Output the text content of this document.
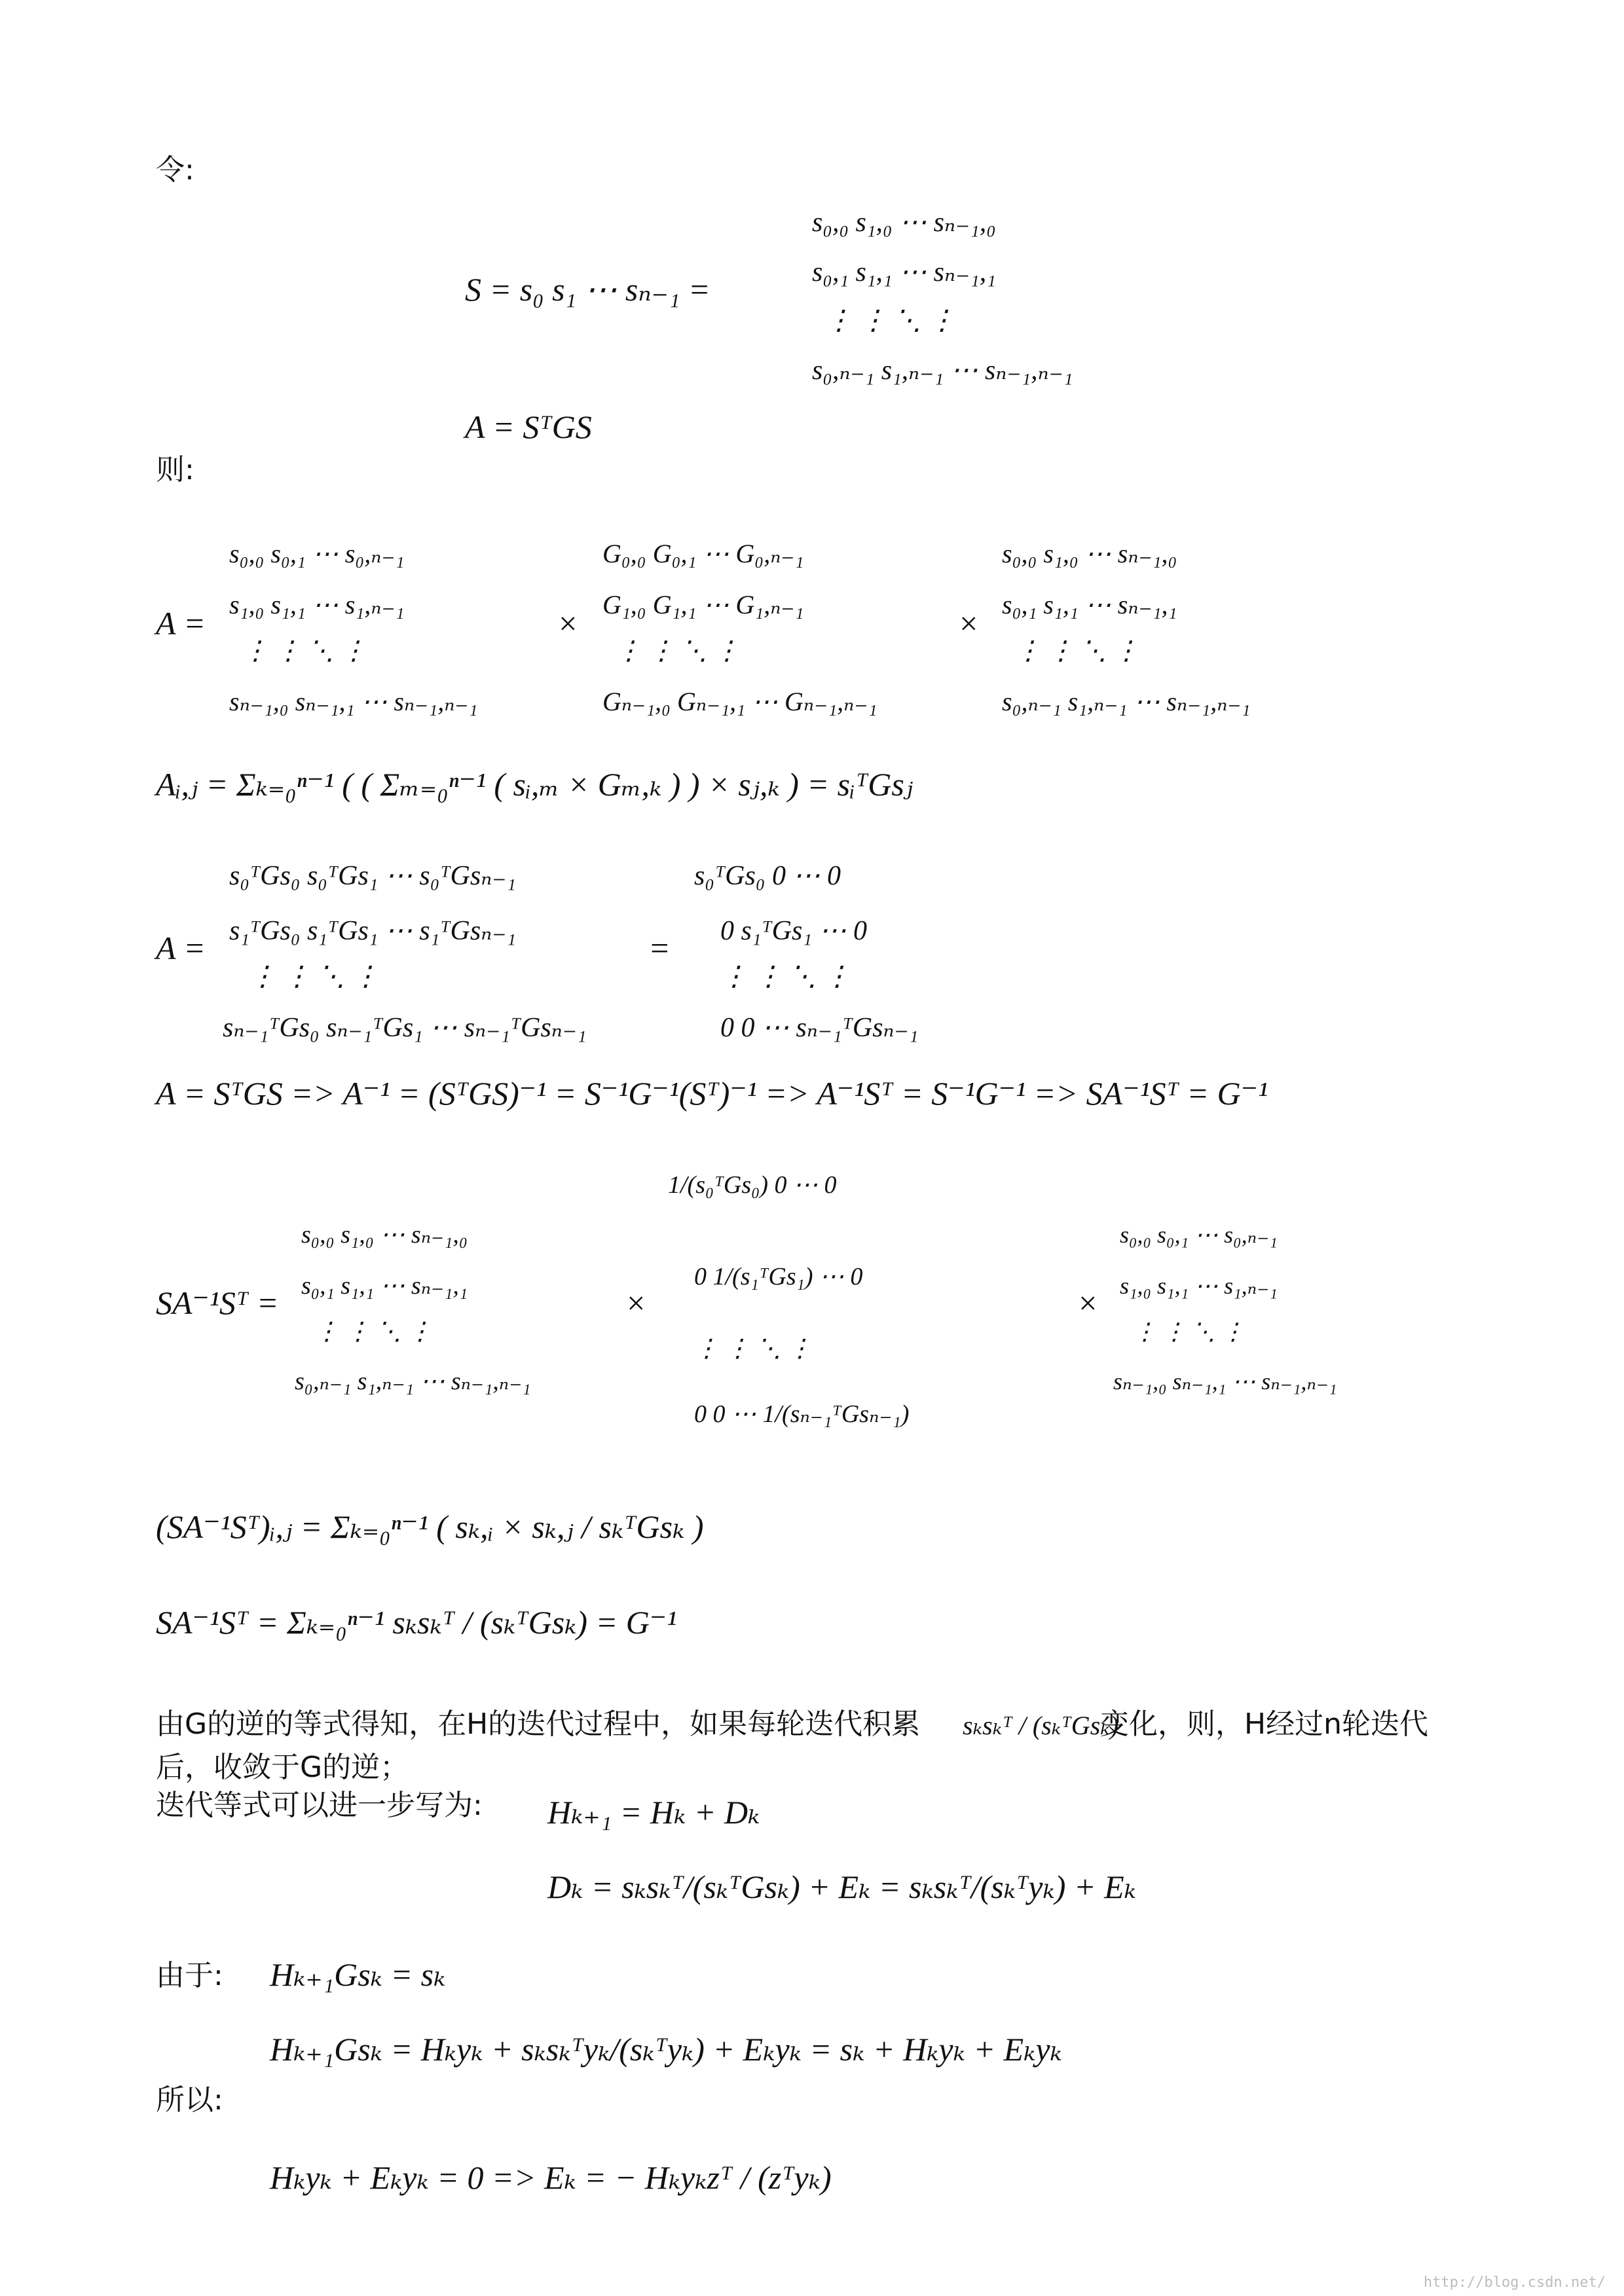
令:
则:
由G的逆的等式得知，在H的迭代过程中，如果每轮迭代积累	变化，则，H经过n轮迭代
后，收敛于G的逆；
迭代等式可以进一步写为:
由于:
所以:
S = s₀ s₁ ⋯ sₙ₋₁ =
s₀,₀ s₁,₀ ⋯ sₙ₋₁,₀
s₀,₁ s₁,₁ ⋯ sₙ₋₁,₁
⋮ ⋮ ⋱ ⋮
s₀,ₙ₋₁ s₁,ₙ₋₁ ⋯ sₙ₋₁,ₙ₋₁
A = SᵀGS
A =
s₀,₀ s₀,₁ ⋯ s₀,ₙ₋₁
s₁,₀ s₁,₁ ⋯ s₁,ₙ₋₁
⋮ ⋮ ⋱ ⋮
sₙ₋₁,₀ sₙ₋₁,₁ ⋯ sₙ₋₁,ₙ₋₁
×
G₀,₀ G₀,₁ ⋯ G₀,ₙ₋₁
G₁,₀ G₁,₁ ⋯ G₁,ₙ₋₁
⋮ ⋮ ⋱ ⋮
Gₙ₋₁,₀ Gₙ₋₁,₁ ⋯ Gₙ₋₁,ₙ₋₁
×
s₀,₀ s₁,₀ ⋯ sₙ₋₁,₀
s₀,₁ s₁,₁ ⋯ sₙ₋₁,₁
⋮ ⋮ ⋱ ⋮
s₀,ₙ₋₁ s₁,ₙ₋₁ ⋯ sₙ₋₁,ₙ₋₁
Aᵢ,ⱼ = Σₖ₌₀ⁿ⁻¹ ( ( Σₘ₌₀ⁿ⁻¹ ( sᵢ,ₘ × Gₘ,ₖ ) ) × sⱼ,ₖ ) = sᵢᵀGsⱼ
A =
s₀ᵀGs₀ s₀ᵀGs₁ ⋯ s₀ᵀGsₙ₋₁
s₁ᵀGs₀ s₁ᵀGs₁ ⋯ s₁ᵀGsₙ₋₁
⋮ ⋮ ⋱ ⋮
sₙ₋₁ᵀGs₀ sₙ₋₁ᵀGs₁ ⋯ sₙ₋₁ᵀGsₙ₋₁
=
s₀ᵀGs₀ 0 ⋯ 0
0 s₁ᵀGs₁ ⋯ 0
⋮ ⋮ ⋱ ⋮
0 0 ⋯ sₙ₋₁ᵀGsₙ₋₁
A = SᵀGS => A⁻¹ = (SᵀGS)⁻¹ = S⁻¹G⁻¹(Sᵀ)⁻¹ => A⁻¹Sᵀ = S⁻¹G⁻¹ => SA⁻¹Sᵀ = G⁻¹
SA⁻¹Sᵀ =
s₀,₀ s₁,₀ ⋯ sₙ₋₁,₀
s₀,₁ s₁,₁ ⋯ sₙ₋₁,₁
⋮ ⋮ ⋱ ⋮
s₀,ₙ₋₁ s₁,ₙ₋₁ ⋯ sₙ₋₁,ₙ₋₁
×
1/(s₀ᵀGs₀) 0 ⋯ 0
0 1/(s₁ᵀGs₁) ⋯ 0
⋮ ⋮ ⋱ ⋮
0 0 ⋯ 1/(sₙ₋₁ᵀGsₙ₋₁)
×
s₀,₀ s₀,₁ ⋯ s₀,ₙ₋₁
s₁,₀ s₁,₁ ⋯ s₁,ₙ₋₁
⋮ ⋮ ⋱ ⋮
sₙ₋₁,₀ sₙ₋₁,₁ ⋯ sₙ₋₁,ₙ₋₁
(SA⁻¹Sᵀ)ᵢ,ⱼ = Σₖ₌₀ⁿ⁻¹ ( sₖ,ᵢ × sₖ,ⱼ / sₖᵀGsₖ )
SA⁻¹Sᵀ = Σₖ₌₀ⁿ⁻¹ sₖsₖᵀ / (sₖᵀGsₖ) = G⁻¹
sₖsₖᵀ / (sₖᵀGsₖ)
Hₖ₊₁ = Hₖ + Dₖ
Dₖ = sₖsₖᵀ/(sₖᵀGsₖ) + Eₖ = sₖsₖᵀ/(sₖᵀyₖ) + Eₖ
Hₖ₊₁Gsₖ = sₖ
Hₖ₊₁Gsₖ = Hₖyₖ + sₖsₖᵀyₖ/(sₖᵀyₖ) + Eₖyₖ = sₖ + Hₖyₖ + Eₖyₖ
Hₖyₖ + Eₖyₖ = 0 => Eₖ = − Hₖyₖzᵀ / (zᵀyₖ)
http://blog.csdn.net/
